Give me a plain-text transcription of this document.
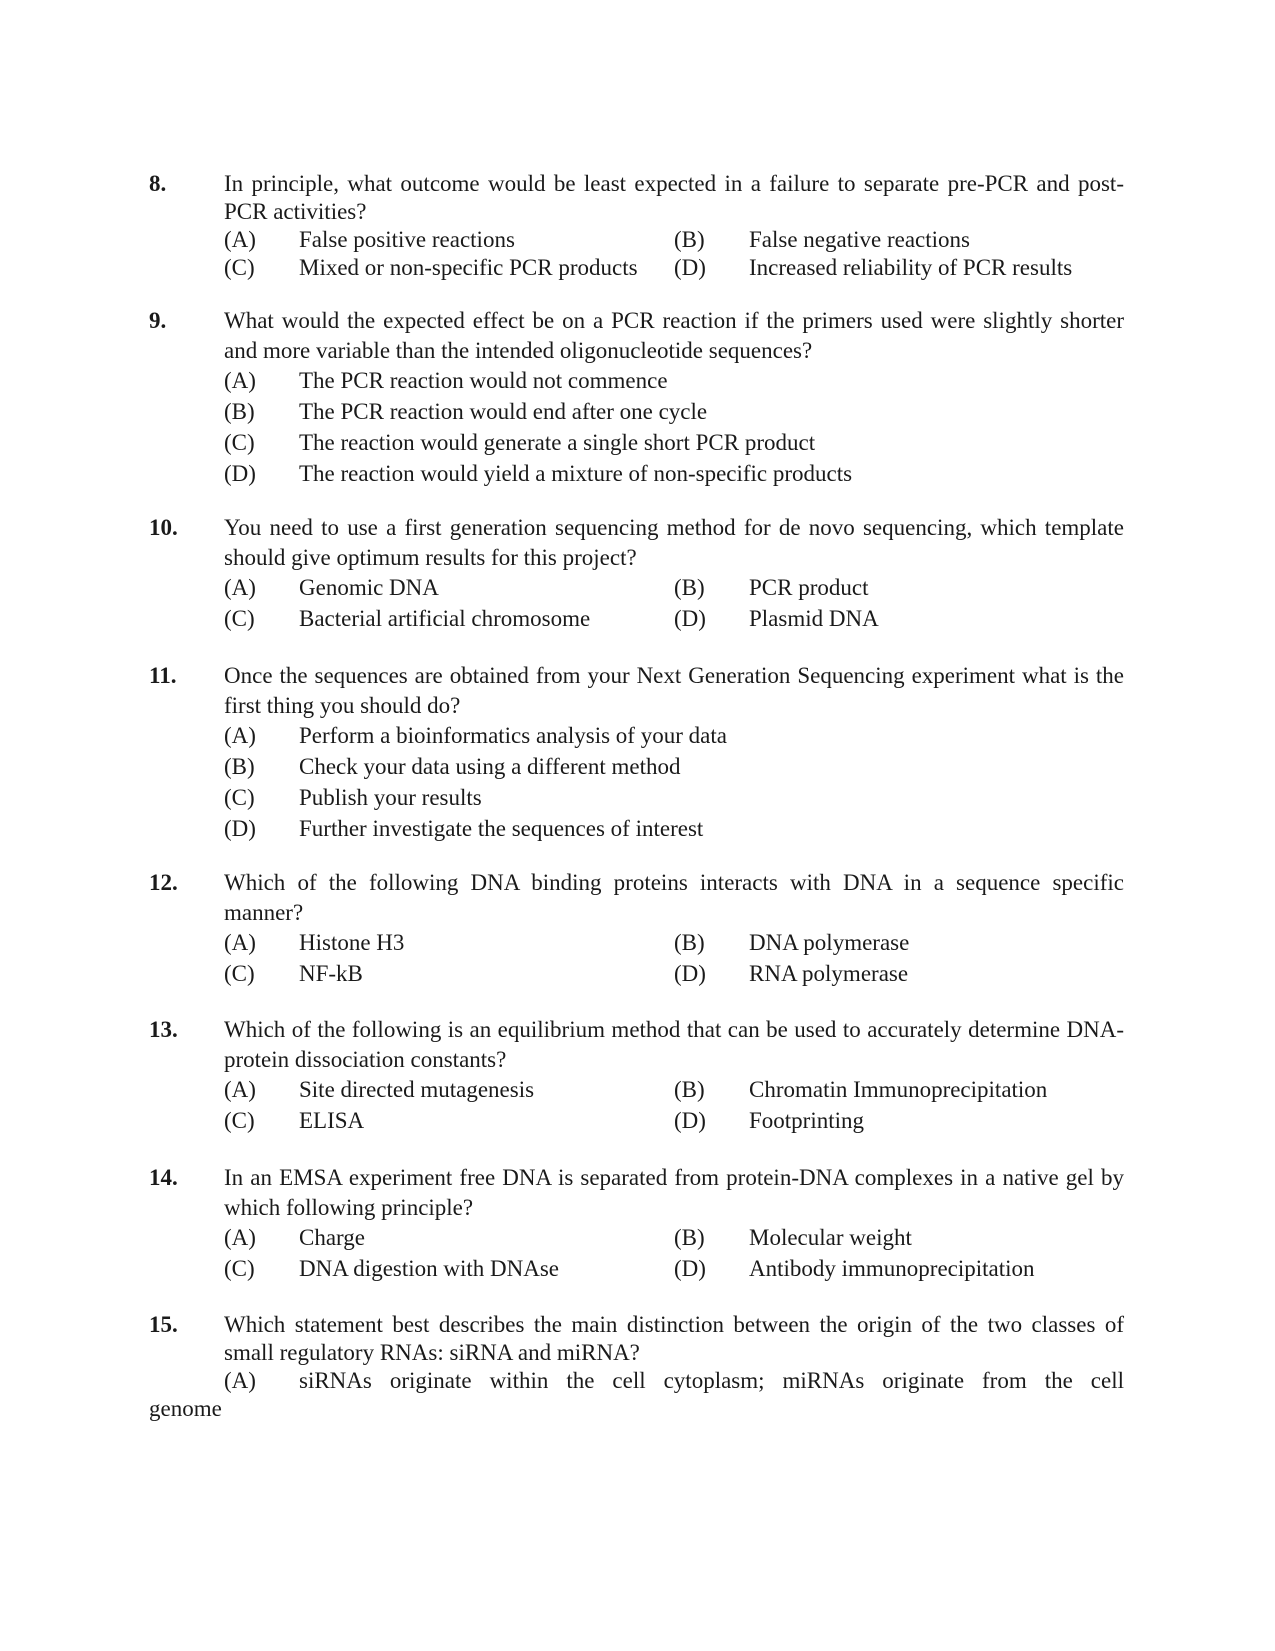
8.	In principle, what outcome would be least expected in a failure to separate pre-PCR and post-PCR activities?
(A) False positive reactions	(B) False negative reactions
(C) Mixed or non-specific PCR products (D) Increased reliability of PCR results
9.	What would the expected effect be on a PCR reaction if the primers used were slightly shorter and more variable than the intended oligonucleotide sequences?
(A) The PCR reaction would not commence
(B) The PCR reaction would end after one cycle
(C) The reaction would generate a single short PCR product
(D) The reaction would yield a mixture of non-specific products
10. You need to use a first generation sequencing method for de novo sequencing, which template should give optimum results for this project?
(A) Genomic DNA	(B) PCR product
(C) Bacterial artificial chromosome	(D) Plasmid DNA
11. Once the sequences are obtained from your Next Generation Sequencing experiment what is the first thing you should do?
(A) Perform a bioinformatics analysis of your data
(B) Check your data using a different method
(C) Publish your results
(D) Further investigate the sequences of interest
12. Which of the following DNA binding proteins interacts with DNA in a sequence specific manner?
(A) Histone H3	(B) DNA polymerase
(C) NF-kB	(D) RNA polymerase
13. Which of the following is an equilibrium method that can be used to accurately determine DNA-protein dissociation constants?
(A) Site directed mutagenesis	(B) Chromatin Immunoprecipitation
(C) ELISA	(D) Footprinting
14. In an EMSA experiment free DNA is separated from protein-DNA complexes in a native gel by which following principle?
(A) Charge	(B) Molecular weight
(C) DNA digestion with DNAse	(D) Antibody immunoprecipitation
15. Which statement best describes the main distinction between the origin of the two classes of small regulatory RNAs: siRNA and miRNA?
(A) siRNAs originate within the cell cytoplasm; miRNAs originate from the cell
genome
